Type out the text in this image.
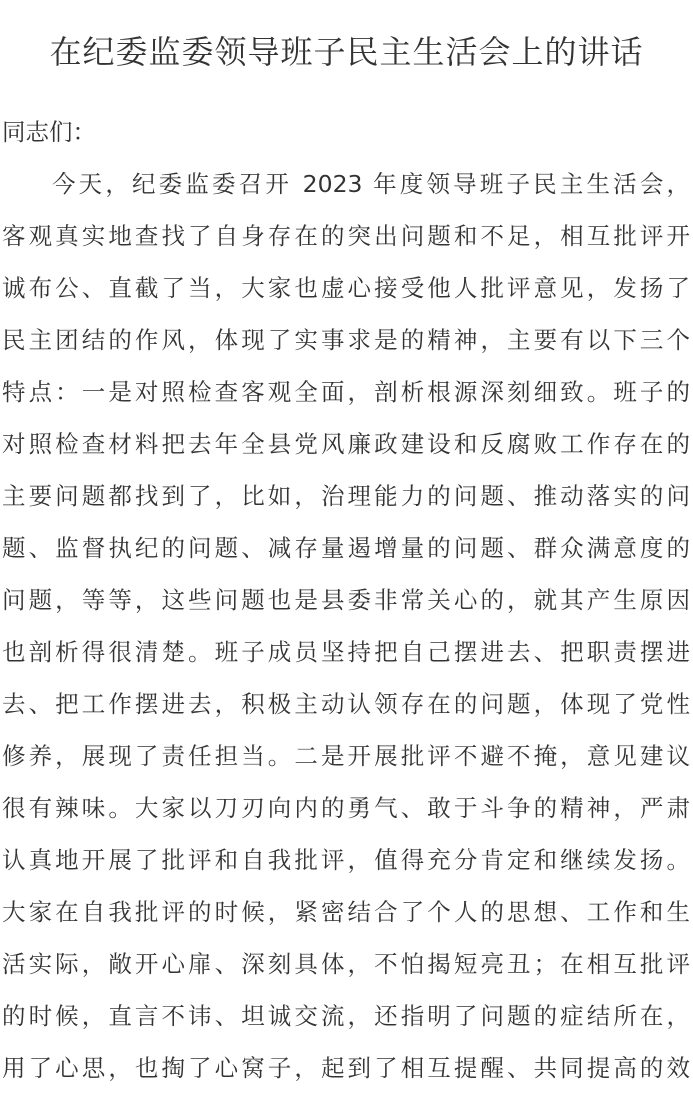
在纪委监委领导班子民主生活会上的讲话
同志们：
今天，纪委监委召开 2023 年度领导班子民主生活会，
客观真实地查找了自身存在的突出问题和不足，相互批评开
诚布公、直截了当，大家也虚心接受他人批评意见，发扬了
民主团结的作风，体现了实事求是的精神，主要有以下三个
特点：一是对照检查客观全面，剖析根源深刻细致。班子的
对照检查材料把去年全县党风廉政建设和反腐败工作存在的
主要问题都找到了，比如，治理能力的问题、推动落实的问
题、监督执纪的问题、减存量遏增量的问题、群众满意度的
问题，等等，这些问题也是县委非常关心的，就其产生原因
也剖析得很清楚。班子成员坚持把自己摆进去、把职责摆进
去、把工作摆进去，积极主动认领存在的问题，体现了党性
修养，展现了责任担当。二是开展批评不避不掩，意见建议
很有辣味。大家以刀刃向内的勇气、敢于斗争的精神，严肃
认真地开展了批评和自我批评，值得充分肯定和继续发扬。
大家在自我批评的时候，紧密结合了个人的思想、工作和生
活实际，敞开心扉、深刻具体，不怕揭短亮丑；在相互批评
的时候，直言不讳、坦诚交流，还指明了问题的症结所在，
用了心思，也掏了心窝子，起到了相互提醒、共同提高的效
